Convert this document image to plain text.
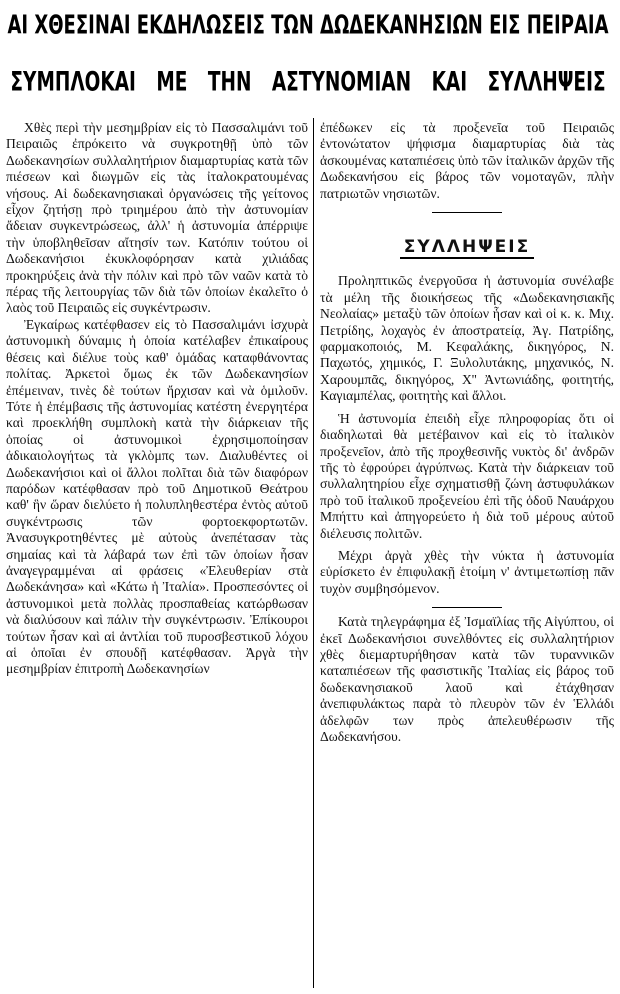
ΑΙ ΧΘΕΣΙΝΑΙ ΕΚΔΗΛΩΣΕΙΣ ΤΩΝ ΔΩΔΕΚΑΝΗΣΙΩΝ ΕΙΣ ΠΕΙΡΑΙΑ
ΣΥΜΠΛΟΚΑΙ ΜΕ ΤΗΝ ΑΣΤΥΝΟΜΙΑΝ ΚΑΙ ΣΥΛΛΗΨΕΙΣ

Χθὲς περὶ τὴν μεσημβρίαν εἰς τὸ Πασσαλιμάνι τοῦ Πειραιῶς ἐπρόκειτο νὰ συγκροτηθῇ ὑπὸ τῶν Δωδεκανησίων συλλαλητήριον διαμαρτυρίας κατὰ τῶν πιέσεων καὶ διωγμῶν εἰς τὰς ἰταλοκρατουμένας νήσους. Αἱ δωδεκανησιακαὶ ὀργανώσεις τῆς γείτονος εἶχον ζητήσῃ πρὸ τριημέρου ἀπὸ τὴν ἀστυνομίαν ἄδειαν συγκεντρώσεως, ἀλλ' ἡ ἀστυνομία ἀπέρριψε τὴν ὑποβληθεῖσαν αἴτησίν των. Κατόπιν τούτου οἱ Δωδεκανήσιοι ἐκυκλοφόρησαν κατὰ χιλιάδας προκηρύξεις ἀνὰ τὴν πόλιν καὶ πρὸ τῶν ναῶν κατὰ τὸ πέρας τῆς λειτουργίας τῶν διὰ τῶν ὁποίων ἐκαλεῖτο ὁ λαὸς τοῦ Πειραιῶς εἰς συγκέντρωσιν.

Ἐγκαίρως κατέφθασεν εἰς τὸ Πασσαλιμάνι ἰσχυρὰ ἀστυνομικὴ δύναμις ἡ ὁποία κατέλαβεν ἐπικαίρους θέσεις καὶ διέλυε τοὺς καθ' ὁμάδας καταφθάνοντας πολίτας. Ἀρκετοὶ ὅμως ἐκ τῶν Δωδεκανησίων ἐπέμειναν, τινὲς δὲ τούτων ἤρχισαν καὶ νὰ ὁμιλοῦν. Τότε ἡ ἐπέμβασις τῆς ἀστυνομίας κατέστη ἐνεργητέρα καὶ προεκλήθη συμπλοκὴ κατὰ τὴν διάρκειαν τῆς ὁποίας οἱ ἀστυνομικοὶ ἐχρησιμοποίησαν ἀδικαιολογήτως τὰ γκλὸμπς των. Διαλυθέντες οἱ Δωδεκανήσιοι καὶ οἱ ἄλλοι πολῖται διὰ τῶν διαφόρων παρόδων κατέφθασαν πρὸ τοῦ Δημοτικοῦ Θεάτρου καθ' ἣν ὥραν διελύετο ἡ πολυπληθεστέρα ἐντὸς αὐτοῦ συγκέντρωσις τῶν φορτοεκφορτωτῶν. Ἀνασυγκροτηθέντες μὲ αὐτοὺς ἀνεπέτασαν τὰς σημαίας καὶ τὰ λάβαρά των ἐπὶ τῶν ὁποίων ἦσαν ἀναγεγραμμέναι αἱ φράσεις «Ἐλευθερίαν στὰ Δωδεκάνησα» καὶ «Κάτω ἡ Ἰταλία». Προσπεσόντες οἱ ἀστυνομικοὶ μετὰ πολλὰς προσπαθείας κατώρθωσαν νὰ διαλύσουν καὶ πάλιν τὴν συγκέντρωσιν. Ἐπίκουροι τούτων ἦσαν καὶ αἱ ἀντλίαι τοῦ πυροσβεστικοῦ λόχου αἱ ὁποῖαι ἐν σπουδῇ κατέφθασαν. Ἀργὰ τὴν μεσημβρίαν ἐπιτροπὴ Δωδεκανησίων

ἐπέδωκεν εἰς τὰ προξενεῖα τοῦ Πειραιῶς ἐντονώτατον ψήφισμα διαμαρτυρίας διὰ τὰς ἀσκουμένας καταπιέσεις ὑπὸ τῶν ἰταλικῶν ἀρχῶν τῆς Δωδεκανήσου εἰς βάρος τῶν νομοταγῶν, πλὴν πατριωτῶν νησιωτῶν.

ΣΥΛΛΗΨΕΙΣ

Προληπτικῶς ἐνεργοῦσα ἡ ἀστυνομία συνέλαβε τὰ μέλη τῆς διοικήσεως τῆς «Δωδεκανησιακῆς Νεολαίας» μεταξὺ τῶν ὁποίων ἦσαν καὶ οἱ κ. κ. Μιχ. Πετρίδης, λοχαγὸς ἐν ἀποστρατείᾳ, Ἀγ. Πατρίδης, φαρμακοποιός, Μ. Κεφαλάκης, δικηγόρος, Ν. Παχωτός, χημικός, Γ. Ξυλολυτάκης, μηχανικός, Ν. Χαρουμπᾶς, δικηγόρος, Χ'' Ἀντωνιάδης, φοιτητής, Καγιαμπέλας, φοιτητὴς καὶ ἄλλοι.

Ἡ ἀστυνομία ἐπειδὴ εἶχε πληροφορίας ὅτι οἱ διαδηλωταὶ θὰ μετέβαινον καὶ εἰς τὸ ἰταλικὸν προξενεῖον, ἀπὸ τῆς προχθεσινῆς νυκτὸς δι' ἀνδρῶν τῆς τὸ ἐφρούρει ἀγρύπνως. Κατὰ τὴν διάρκειαν τοῦ συλλαλητηρίου εἶχε σχηματισθῇ ζώνη ἀστυφυλάκων πρὸ τοῦ ἰταλικοῦ προξενείου ἐπὶ τῆς ὁδοῦ Ναυάρχου Μπήττυ καὶ ἀπηγορεύετο ἡ διὰ τοῦ μέρους αὐτοῦ διέλευσις πολιτῶν.

Μέχρι ἀργὰ χθὲς τὴν νύκτα ἡ ἀστυνομία εὑρίσκετο ἐν ἐπιφυλακῇ ἑτοίμη ν' ἀντιμετωπίσῃ πᾶν τυχὸν συμβησόμενον.

Κατὰ τηλεγράφημα ἐξ Ἰσμαϊλίας τῆς Αἰγύπτου, οἱ ἐκεῖ Δωδεκανήσιοι συνελθόντες εἰς συλλαλητήριον χθὲς διεμαρτυρήθησαν κατὰ τῶν τυραννικῶν καταπιέσεων τῆς φασιστικῆς Ἰταλίας εἰς βάρος τοῦ δωδεκανησιακοῦ λαοῦ καὶ ἐτάχθησαν ἀνεπιφυλάκτως παρὰ τὸ πλευρὸν τῶν ἐν Ἑλλάδι ἀδελφῶν των πρὸς ἀπελευθέρωσιν τῆς Δωδεκανήσου.
